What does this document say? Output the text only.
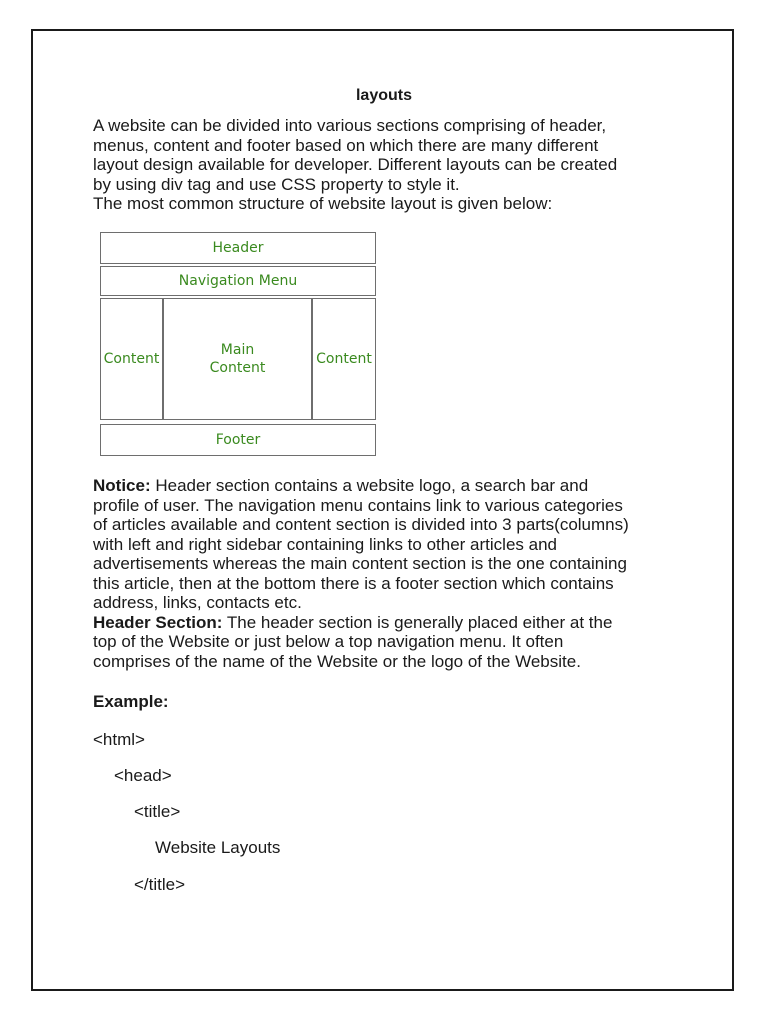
layouts
A website can be divided into various sections comprising of header,
menus, content and footer based on which there are many different
layout design available for developer. Different layouts can be created
by using div tag and use CSS property to style it.
The most common structure of website layout is given below:
Header
Navigation Menu
Content
Main
Content
Content
Footer
Notice: Header section contains a website logo, a search bar and
profile of user. The navigation menu contains link to various categories
of articles available and content section is divided into 3 parts(columns)
with left and right sidebar containing links to other articles and
advertisements whereas the main content section is the one containing
this article, then at the bottom there is a footer section which contains
address, links, contacts etc.
Header Section: The header section is generally placed either at the
top of the Website or just below a top navigation menu. It often
comprises of the name of the Website or the logo of the Website.
Example:
<html>
<head>
<title>
Website Layouts
</title>
